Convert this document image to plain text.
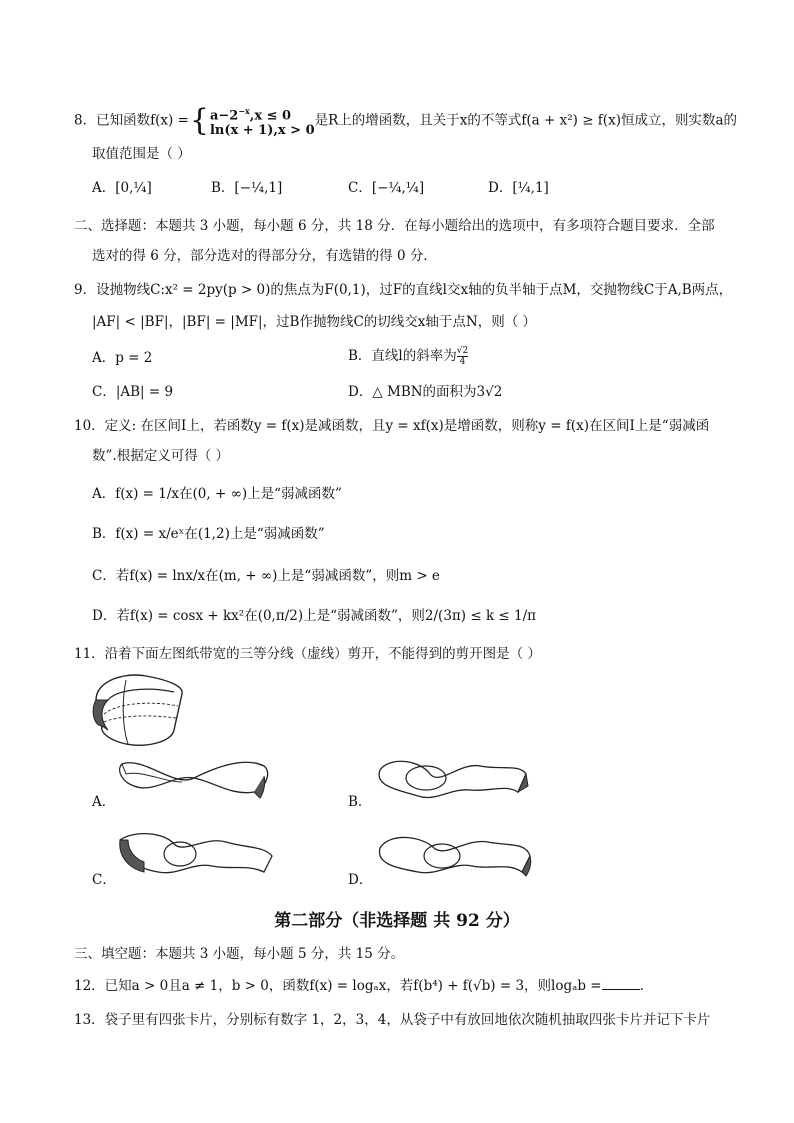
8．已知函数f(x) ={ $a-2^{-x},x \le 0$
ln(x + 1),x > 0
是R上的增函数，且关于x的不等式f(a + x²) ≥ f(x)恒成立，则实数a的
取值范围是（ ）
A．[0,¼]	B．[−¼,1]	C．[−¼,¼]	D．[¼,1]
二、选择题：本题共 3 小题，每小题 6 分，共 18 分．在每小题给出的选项中，有多项符合题目要求．全部
选对的得 6 分，部分选对的得部分分，有选错的得 0 分．
9．设抛物线C:x² = 2py(p > 0)的焦点为F(0,1)，过F的直线l交x轴的负半轴于点M，交抛物线C于A,B两点，
|AF| < |BF|，|BF| = |MF|，过B作抛物线C的切线交x轴于点N，则（ ）
A．p = 2	B．直线l的斜率为 $\frac{√2}{4}$
C．|AB| = 9	D．△ MBN的面积为3√2
10．定义: 在区间I上，若函数y = f(x)是减函数，且y = xf(x)是增函数，则称y = f(x)在区间I上是“弱减函
数”.根据定义可得（ ）
A．f(x) = 1/x在(0, + ∞)上是“弱减函数”
B．f(x) = x/eˣ在(1,2)上是“弱减函数”
C．若f(x) = lnx/x在(m, + ∞)上是“弱减函数”，则m > e
D．若f(x) = cosx + kx²在(0,π/2)上是“弱减函数”，则2/(3π) ≤ k ≤ 1/π
11．沿着下面左图纸带宽的三等分线（虚线）剪开，不能得到的剪开图是（ ）
A．	B．
C．	D．
第二部分（非选择题 共 92 分）
三、填空题：本题共 3 小题，每小题 5 分，共 15 分。
12．已知a > 0且a ≠ 1，b > 0，函数f(x) = logₐx，若f(b⁴) + f(√b) = 3，则logₐb =	.
13．袋子里有四张卡片，分别标有数字 1，2，3，4，从袋子中有放回地依次随机抽取四张卡片并记下卡片
